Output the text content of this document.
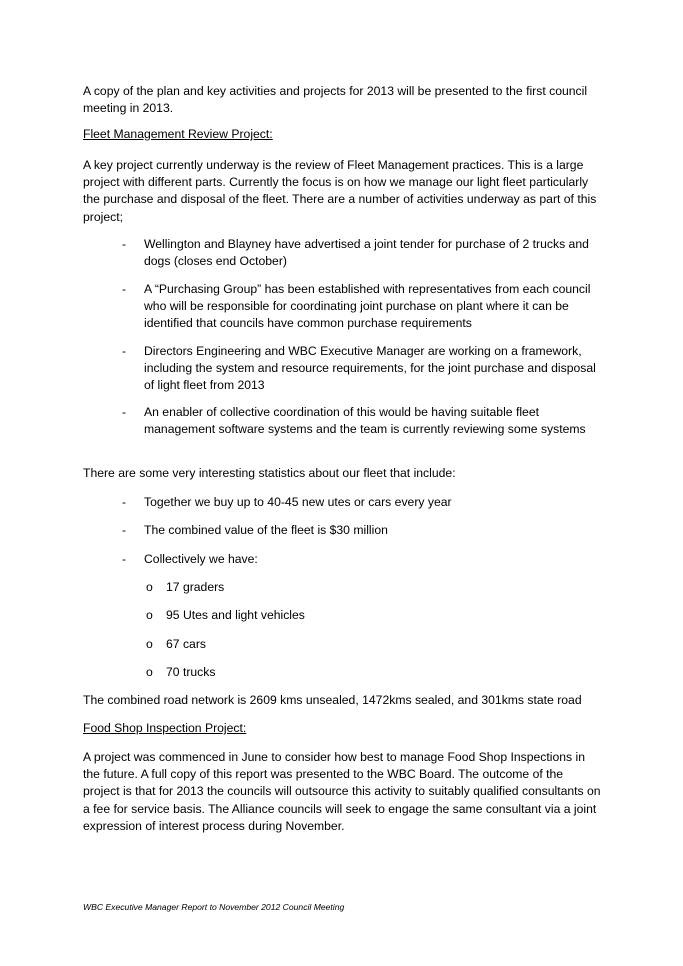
A copy of the plan and key activities and projects for 2013 will be presented to the first council meeting in 2013.

Fleet Management Review Project:

A key project currently underway is the review of Fleet Management practices. This is a large project with different parts. Currently the focus is on how we manage our light fleet particularly the purchase and disposal of the fleet. There are a number of activities underway as part of this project;

-	Wellington and Blayney have advertised a joint tender for purchase of 2 trucks and dogs (closes end October)
-	A “Purchasing Group” has been established with representatives from each council who will be responsible for coordinating joint purchase on plant where it can be identified that councils have common purchase requirements
-	Directors Engineering and WBC Executive Manager are working on a framework, including the system and resource requirements, for the joint purchase and disposal of light fleet from 2013
-	An enabler of collective coordination of this would be having suitable fleet management software systems and the team is currently reviewing some systems

There are some very interesting statistics about our fleet that include:

-	Together we buy up to 40-45 new utes or cars every year
-	The combined value of the fleet is $30 million
-	Collectively we have:
o 17 graders
o 95 Utes and light vehicles
o 67 cars
o 70 trucks

The combined road network is 2609 kms unsealed, 1472kms sealed, and 301kms state road

Food Shop Inspection Project:

A project was commenced in June to consider how best to manage Food Shop Inspections in the future. A full copy of this report was presented to the WBC Board. The outcome of the project is that for 2013 the councils will outsource this activity to suitably qualified consultants on a fee for service basis. The Alliance councils will seek to engage the same consultant via a joint expression of interest process during November.

WBC Executive Manager Report to November 2012 Council Meeting
